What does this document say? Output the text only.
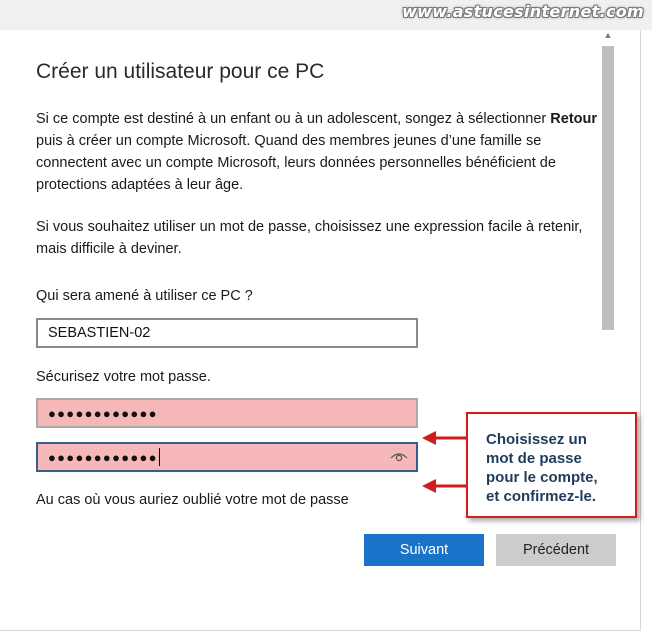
www.astucesinternet.com
Créer un utilisateur pour ce PC

Si ce compte est destiné à un enfant ou à un adolescent, songez à sélectionner Retour
puis à créer un compte Microsoft. Quand des membres jeunes d’une famille se
connectent avec un compte Microsoft, leurs données personnelles bénéficient de
protections adaptées à leur âge.

Si vous souhaitez utiliser un mot de passe, choisissez une expression facile à retenir,
mais difficile à deviner.

Qui sera amené à utiliser ce PC ?
SEBASTIEN-02
Sécurisez votre mot passe.
●●●●●●●●●●●●
●●●●●●●●●●●●
Au cas où vous auriez oublié votre mot de passe
▲
Suivant	Précédent
Choisissez un
mot de passe
pour le compte,
et confirmez-le.
